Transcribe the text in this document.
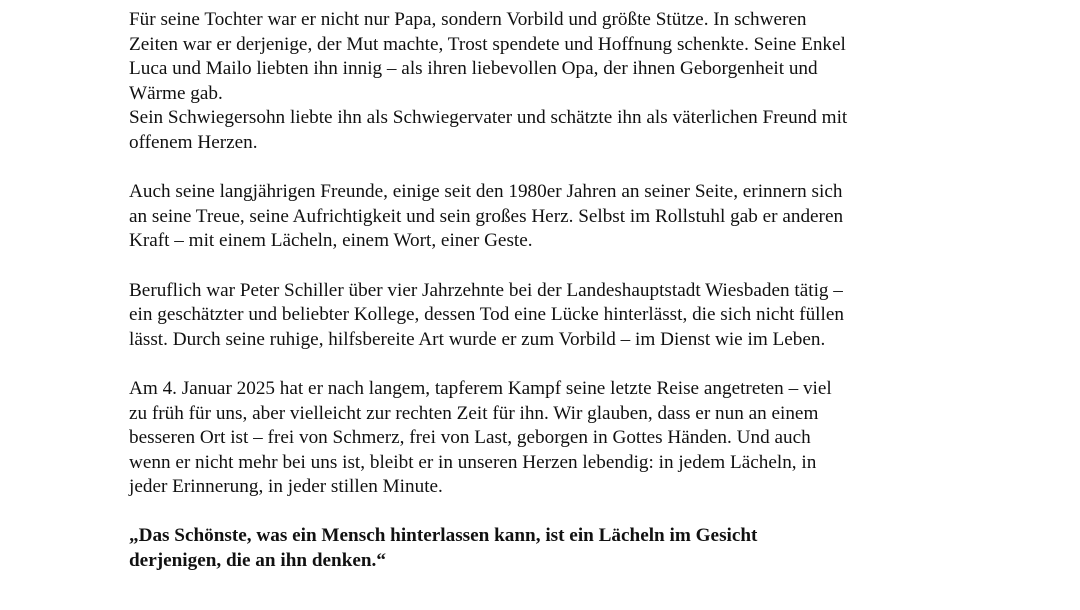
Für seine Tochter war er nicht nur Papa, sondern Vorbild und größte Stütze. In schweren
Zeiten war er derjenige, der Mut machte, Trost spendete und Hoffnung schenkte. Seine Enkel
Luca und Mailo liebten ihn innig – als ihren liebevollen Opa, der ihnen Geborgenheit und
Wärme gab.
Sein Schwiegersohn liebte ihn als Schwiegervater und schätzte ihn als väterlichen Freund mit
offenem Herzen.

Auch seine langjährigen Freunde, einige seit den 1980er Jahren an seiner Seite, erinnern sich
an seine Treue, seine Aufrichtigkeit und sein großes Herz. Selbst im Rollstuhl gab er anderen
Kraft – mit einem Lächeln, einem Wort, einer Geste.

Beruflich war Peter Schiller über vier Jahrzehnte bei der Landeshauptstadt Wiesbaden tätig –
ein geschätzter und beliebter Kollege, dessen Tod eine Lücke hinterlässt, die sich nicht füllen
lässt. Durch seine ruhige, hilfsbereite Art wurde er zum Vorbild – im Dienst wie im Leben.

Am 4. Januar 2025 hat er nach langem, tapferem Kampf seine letzte Reise angetreten – viel
zu früh für uns, aber vielleicht zur rechten Zeit für ihn. Wir glauben, dass er nun an einem
besseren Ort ist – frei von Schmerz, frei von Last, geborgen in Gottes Händen. Und auch
wenn er nicht mehr bei uns ist, bleibt er in unseren Herzen lebendig: in jedem Lächeln, in
jeder Erinnerung, in jeder stillen Minute.

„Das Schönste, was ein Mensch hinterlassen kann, ist ein Lächeln im Gesicht
derjenigen, die an ihn denken.“
